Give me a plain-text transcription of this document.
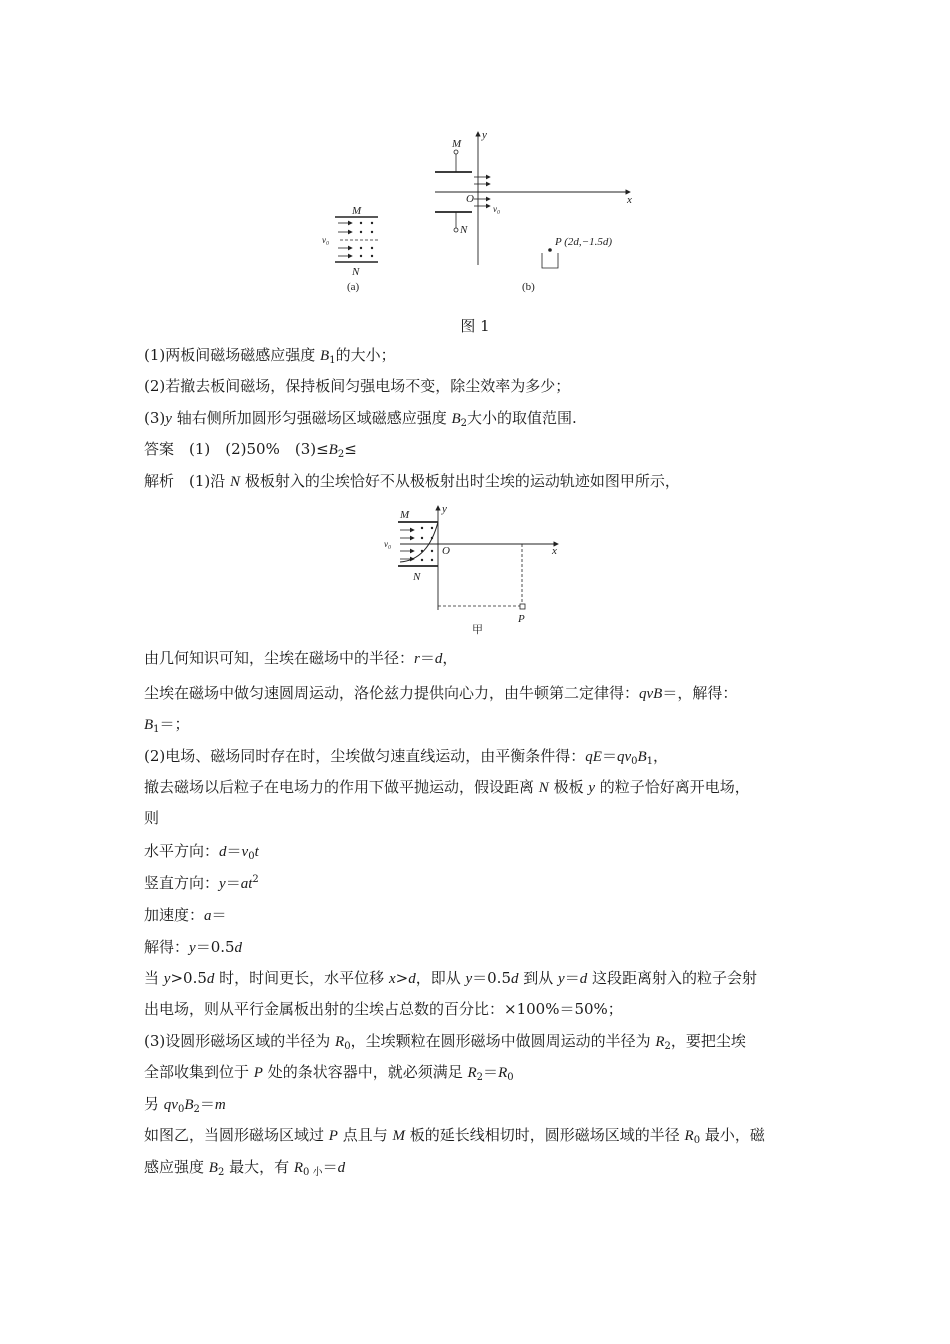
M
N
v₀
(a)
M
N
O	x
y
v₀
P (2d,−1.5d)
(b)
图 1
(1)两板间磁场磁感应强度 $B_1$的大小；
(2)若撤去板间磁场，保持板间匀强电场不变，除尘效率为多少；
(3)y 轴右侧所加圆形匀强磁场区域磁感应强度 $B_2$大小的取值范围.
答案　(1)　(2)50%　$(3)\le B_2\le$
解析　(1)沿 N 极板射入的尘埃恰好不从极板射出时尘埃的运动轨迹如图甲所示，
M
N
O	x
y
v₀
P
甲
由几何知识可知，尘埃在磁场中的半径：r＝d，
尘埃在磁场中做匀速圆周运动，洛伦兹力提供向心力，由牛顿第二定律得：qvB＝，解得：
$B_1=$；
(2)电场、磁场同时存在时，尘埃做匀速直线运动，由平衡条件得：$qE=qv_0B_1$，
撤去磁场以后粒子在电场力的作用下做平抛运动，假设距离 N 极板 y 的粒子恰好离开电场，
则
水平方向：$d=v_0t$
竖直方向：$y=at^2$
加速度：a＝
解得：y＝0.5d
当 y>0.5d 时，时间更长，水平位移 x>d，即从 y＝0.5d 到从 y＝d 这段距离射入的粒子会射
出电场，则从平行金属板出射的尘埃占总数的百分比：×100%＝50%；
(3)设圆形磁场区域的半径为 $R_0$，尘埃颗粒在圆形磁场中做圆周运动的半径为 $R_2$，要把尘埃
全部收集到位于 P 处的条状容器中，就必须满足 $R_2=R_0$
另 $qv_0B_2=m$
如图乙，当圆形磁场区域过 P 点且与 M 板的延长线相切时，圆形磁场区域的半径 $R_0$ 最小，磁
感应强度 $B_2$ 最大，有 $R_{0 小}=d$
